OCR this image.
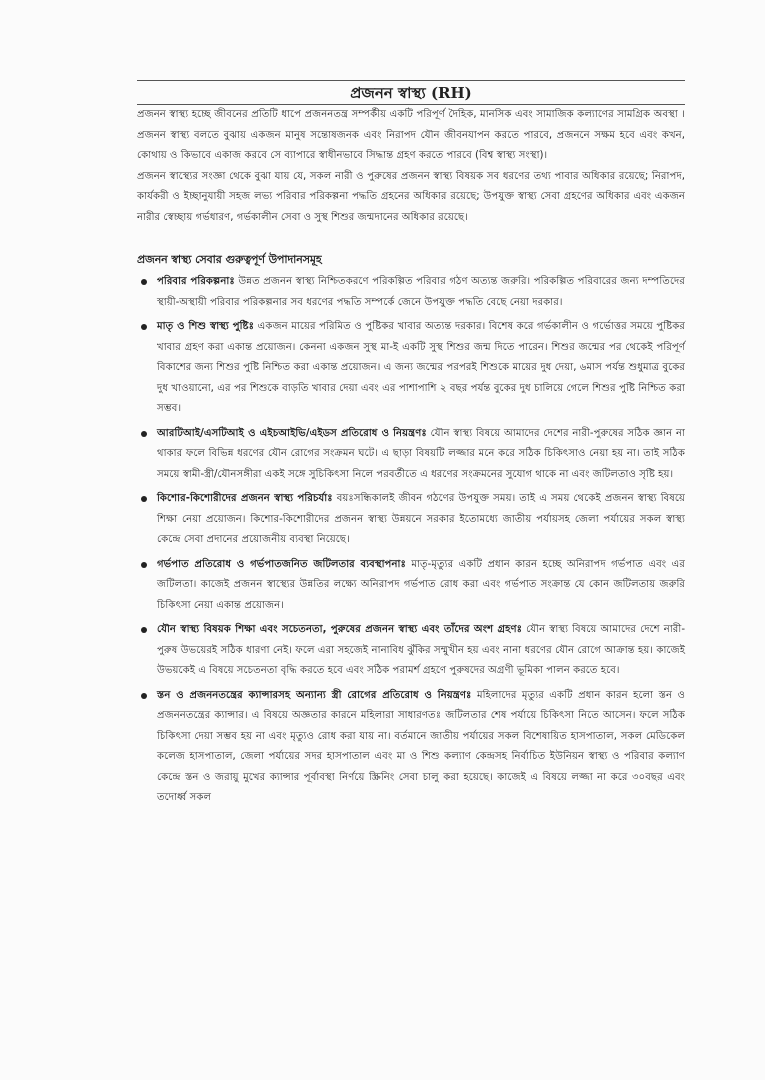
প্রজনন স্বাস্থ্য (RH)

প্রজনন স্বাস্থ্য হচ্ছে জীবনের প্রতিটি ধাপে প্রজননতন্ত্র সম্পর্কীয় একটি পরিপূর্ণ দৈহিক, মানসিক এবং সামাজিক কল্যাণের সামগ্রিক অবস্থা । প্রজনন স্বাস্থ্য বলতে বুঝায় একজন মানুষ সন্তোষজনক এবং নিরাপদ যৌন জীবনযাপন করতে পারবে, প্রজননে সক্ষম হবে এবং কখন, কোথায় ও কিভাবে একাজ করবে সে ব্যাপারে স্বাধীনভাবে সিদ্ধান্ত গ্রহণ করতে পারবে (বিশ্ব স্বাস্থ্য সংস্থা)।

প্রজনন স্বাস্থ্যের সংজ্ঞা থেকে বুঝা যায় যে, সকল নারী ও পুরুষের প্রজনন স্বাস্থ্য বিষয়ক সব ধরণের তথ্য পাবার অধিকার রয়েছে; নিরাপদ, কার্যকরী ও ইচ্ছানুযায়ী সহজ লভ্য পরিবার পরিকল্পনা পদ্ধতি গ্রহনের অধিকার রয়েছে; উপযুক্ত স্বাস্থ্য সেবা গ্রহণের অধিকার এবং একজন নারীর স্বেচ্ছায় গর্ভধারণ, গর্ভকালীন সেবা ও সুস্থ শিশুর জন্মদানের অধিকার রয়েছে।

প্রজনন স্বাস্থ্য সেবার গুরুত্বপূর্ণ উপাদানসমূহ
পরিবার পরিকল্পনাঃ উন্নত প্রজনন স্বাস্থ্য নিশ্চিতকরণে পরিকল্পিত পরিবার গঠণ অত্যন্ত জরুরি। পরিকল্পিত পরিবারের জন্য দম্পতিদের স্থায়ী-অস্থায়ী পরিবার পরিকল্পনার সব ধরণের পদ্ধতি সম্পর্কে জেনে উপযুক্ত পদ্ধতি বেছে নেয়া দরকার।
মাতৃ ও শিশু স্বাস্থ্য পুষ্টিঃ একজন মায়ের পরিমিত ও পুষ্টিকর খাবার অত্যন্ত দরকার। বিশেষ করে গর্ভকালীন ও গর্ভোত্তর সময়ে পুষ্টিকর খাবার গ্রহণ করা একান্ত প্রয়োজন। কেননা একজন সুস্থ মা-ই একটি সুস্থ শিশুর জন্ম দিতে পারেন। শিশুর জন্মের পর থেকেই পরিপূর্ণ বিকাশের জন্য শিশুর পুষ্টি নিশ্চিত করা একান্ত প্রয়োজন। এ জন্য জন্মের পরপরই শিশুকে মায়ের দুধ দেয়া, ৬মাস পর্যন্ত শুধুমাত্র বুকের দুধ খাওয়ানো, এর পর শিশুকে বাড়তি খাবার দেয়া এবং এর পাশাপাশি ২ বছর পর্যন্ত বুকের দুধ চালিয়ে গেলে শিশুর পুষ্টি নিশ্চিত করা সম্ভব।
আরটিআই/এসটিআই ও এইচআইভি/এইডস প্রতিরোধ ও নিয়ন্ত্রণঃ যৌন স্বাস্থ্য বিষয়ে আমাদের দেশের নারী-পুরুষের সঠিক জ্ঞান না থাকার ফলে বিভিন্ন ধরণের যৌন রোগের সংক্রমন ঘটে। এ ছাড়া বিষয়টি লজ্জার মনে করে সঠিক চিকিৎসাও নেয়া হয় না। তাই সঠিক সময়ে স্বামী-স্ত্রী/যৌনসঙ্গীরা একই সঙ্গে সুচিকিৎসা নিলে পরবর্তীতে এ ধরণের সংক্রমনের সুযোগ থাকে না এবং জটিলতাও সৃষ্টি হয়।
কিশোর-কিশোরীদের প্রজনন স্বাস্থ্য পরিচর্যাঃ বয়ঃসন্ধিকালই জীবন গঠণের উপযুক্ত সময়। তাই এ সময় থেকেই প্রজনন স্বাস্থ্য বিষয়ে শিক্ষা নেয়া প্রয়োজন। কিশোর-কিশোরীদের প্রজনন স্বাস্থ্য উন্নয়নে সরকার ইতোমধ্যে জাতীয় পর্যায়সহ জেলা পর্যায়ের সকল স্বাস্থ্য কেন্দ্রে সেবা প্রদানের প্রয়োজনীয় ব্যবস্থা নিয়েছে।
গর্ভপাত প্রতিরোধ ও গর্ভপাতজনিত জটিলতার ব্যবস্থাপনাঃ মাতৃ-মৃত্যুর একটি প্রধান কারন হচ্ছে অনিরাপদ গর্ভপাত এবং এর জটিলতা। কাজেই প্রজনন স্বাস্থ্যের উন্নতির লক্ষ্যে অনিরাপদ গর্ভপাত রোধ করা এবং গর্ভপাত সংক্রান্ত যে কোন জটিলতায় জরুরি চিকিৎসা নেয়া একান্ত প্রয়োজন।
যৌন স্বাস্থ্য বিষয়ক শিক্ষা এবং সচেতনতা, পুরুষের প্রজনন স্বাস্থ্য এবং তাঁদের অংশ গ্রহণঃ যৌন স্বাস্থ্য বিষয়ে আমাদের দেশে নারী-পুরুষ উভয়েরই সঠিক ধারণা নেই। ফলে এরা সহজেই নানাবিধ ঝুঁকির সম্মুখীন হয় এবং নানা ধরণের যৌন রোগে আক্রান্ত হয়। কাজেই উভয়কেই এ বিষয়ে সচেতনতা বৃদ্ধি করতে হবে এবং সঠিক পরামর্শ গ্রহণে পুরুষদের অগ্রণী ভূমিকা পালন করতে হবে।
স্তন ও প্রজননতন্ত্রের ক্যান্সারসহ অন্যান্য স্ত্রী রোগের প্রতিরোধ ও নিয়ন্ত্রণঃ মহিলাদের মৃত্যুর একটি প্রধান কারন হলো স্তন ও প্রজননতন্ত্রের ক্যান্সার। এ বিষয়ে অজ্ঞতার কারনে মহিলারা সাধারণতঃ জটিলতার শেষ পর্যায়ে চিকিৎসা নিতে আসেন। ফলে সঠিক চিকিৎসা দেয়া সম্ভব হয় না এবং মৃত্যুও রোধ করা যায় না। বর্তমানে জাতীয় পর্যায়ের সকল বিশেষায়িত হাসপাতাল, সকল মেডিকেল কলেজ হাসপাতাল, জেলা পর্যায়ের সদর হাসপাতাল এবং মা ও শিশু কল্যাণ কেন্দ্রসহ নির্বাচিত ইউনিয়ন স্বাস্থ্য ও পরিবার কল্যাণ কেন্দ্রে স্তন ও জরায়ু মুখের ক্যান্সার পূর্বাবস্থা নির্ণয়ে স্ক্রিনিং সেবা চালু করা হয়েছে। কাজেই এ বিষয়ে লজ্জা না করে ৩০বছর এবং তদোর্ধ্ব সকল
